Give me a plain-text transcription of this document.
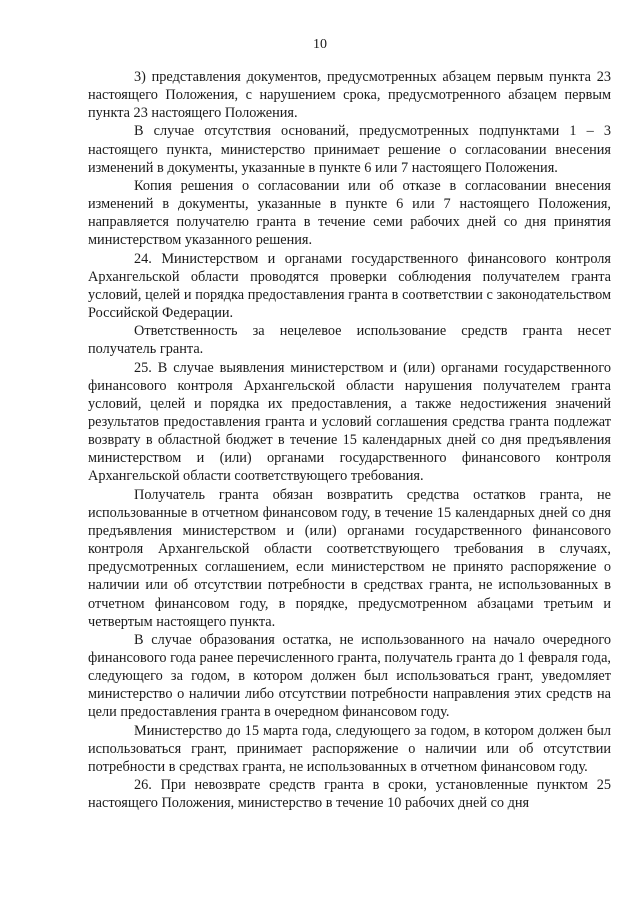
10

3) представления документов, предусмотренных абзацем первым пункта 23 настоящего Положения, с нарушением срока, предусмотренного абзацем первым пункта 23 настоящего Положения.

В случае отсутствия оснований, предусмотренных подпунктами 1 – 3 настоящего пункта, министерство принимает решение о согласовании внесения изменений в документы, указанные в пункте 6 или 7 настоящего Положения.

Копия решения о согласовании или об отказе в согласовании внесения изменений в документы, указанные в пункте 6 или 7 настоящего Положения, направляется получателю гранта в течение семи рабочих дней со дня принятия министерством указанного решения.

24. Министерством и органами государственного финансового контроля Архангельской области проводятся проверки соблюдения получателем гранта условий, целей и порядка предоставления гранта в соответствии с законодательством Российской Федерации.

Ответственность за нецелевое использование средств гранта несет получатель гранта.

25. В случае выявления министерством и (или) органами государственного финансового контроля Архангельской области нарушения получателем гранта условий, целей и порядка их предоставления, а также недостижения значений результатов предоставления гранта и условий соглашения средства гранта подлежат возврату в областной бюджет в течение 15 календарных дней со дня предъявления министерством и (или) органами государственного финансового контроля Архангельской области соответствующего требования.

Получатель гранта обязан возвратить средства остатков гранта, не использованные в отчетном финансовом году, в течение 15 календарных дней со дня предъявления министерством и (или) органами государственного финансового контроля Архангельской области соответствующего требования в случаях, предусмотренных соглашением, если министерством не принято распоряжение о наличии или об отсутствии потребности в средствах гранта, не использованных в отчетном финансовом году, в порядке, предусмотренном абзацами третьим и четвертым настоящего пункта.

В случае образования остатка, не использованного на начало очередного финансового года ранее перечисленного гранта, получатель гранта до 1 февраля года, следующего за годом, в котором должен был использоваться грант, уведомляет министерство о наличии либо отсутствии потребности направления этих средств на цели предоставления гранта в очередном финансовом году.

Министерство до 15 марта года, следующего за годом, в котором должен был использоваться грант, принимает распоряжение о наличии или об отсутствии потребности в средствах гранта, не использованных в отчетном финансовом году.

26. При невозврате средств гранта в сроки, установленные пунктом 25 настоящего Положения, министерство в течение 10 рабочих дней со дня
